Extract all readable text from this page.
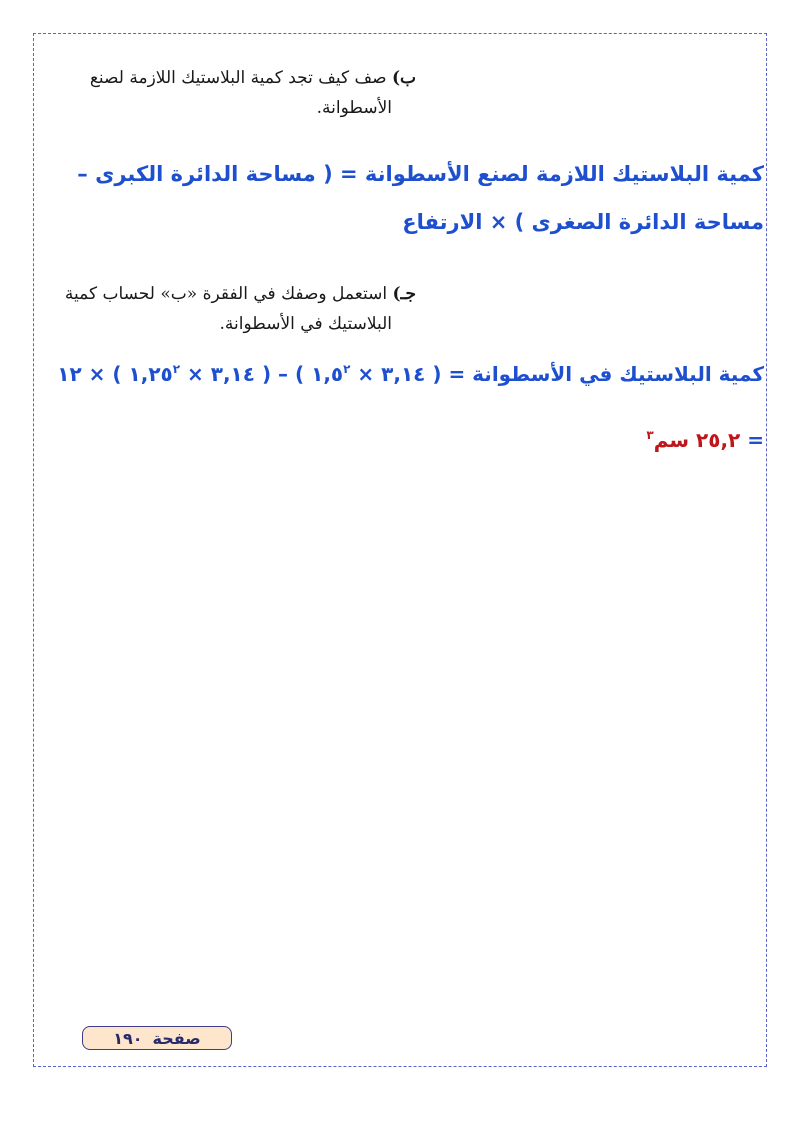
ب) صف كيف تجد كمية البلاستيك اللازمة لصنع
الأسطوانة.
كمية البلاستيك اللازمة لصنع الأسطوانة = ( مساحة الدائرة الكبرى – مساحة الدائرة الصغرى ) × الارتفاع
جـ) استعمل وصفك في الفقرة «ب» لحساب كمية
البلاستيك في الأسطوانة.
كمية البلاستيك في الأسطوانة = ( ٣,١٤ × $١,٥^٢$ ) – ( ٣,١٤ × $١,٢٥^٢$ ) × ١٢
= ٢٥,٢ سم$^٣$
صفحة
١٩٠
